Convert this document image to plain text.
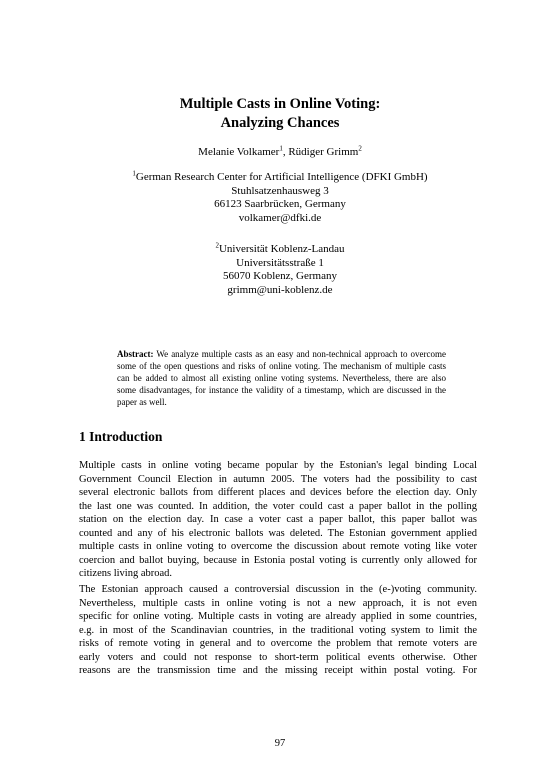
Multiple Casts in Online Voting:
Analyzing Chances
Melanie Volkamer$^1$, Rüdiger Grimm$^2$
$^1$German Research Center for Artificial Intelligence (DFKI GmbH)
Stuhlsatzenhausweg 3
66123 Saarbrücken, Germany
volkamer@dfki.de
$^2$Universität Koblenz-Landau
Universitätsstraße 1
56070 Koblenz, Germany
grimm@uni-koblenz.de
Abstract: We analyze multiple casts as an easy and non-technical approach to overcome some of the open questions and risks of online voting. The mechanism of multiple casts can be added to almost all existing online voting systems. Nevertheless, there are also some disadvantages, for instance the validity of a timestamp, which are discussed in the paper as well.
1 Introduction
Multiple casts in online voting became popular by the Estonian's legal binding Local
Government Council Election in autumn 2005. The voters had the possibility to cast
several electronic ballots from different places and devices before the election day. Only
the last one was counted. In addition, the voter could cast a paper ballot in the polling
station on the election day. In case a voter cast a paper ballot, this paper ballot was
counted and any of his electronic ballots was deleted. The Estonian government applied
multiple casts in online voting to overcome the discussion about remote voting like voter
coercion and ballot buying, because in Estonia postal voting is currently only allowed for
citizens living abroad.
The Estonian approach caused a controversial discussion in the (e-)voting community.
Nevertheless, multiple casts in online voting is not a new approach, it is not even
specific for online voting. Multiple casts in voting are already applied in some countries,
e.g. in most of the Scandinavian countries, in the traditional voting system to limit the
risks of remote voting in general and to overcome the problem that remote voters are
early voters and could not response to short-term political events otherwise. Other
reasons are the transmission time and the missing receipt within postal voting. For
97
